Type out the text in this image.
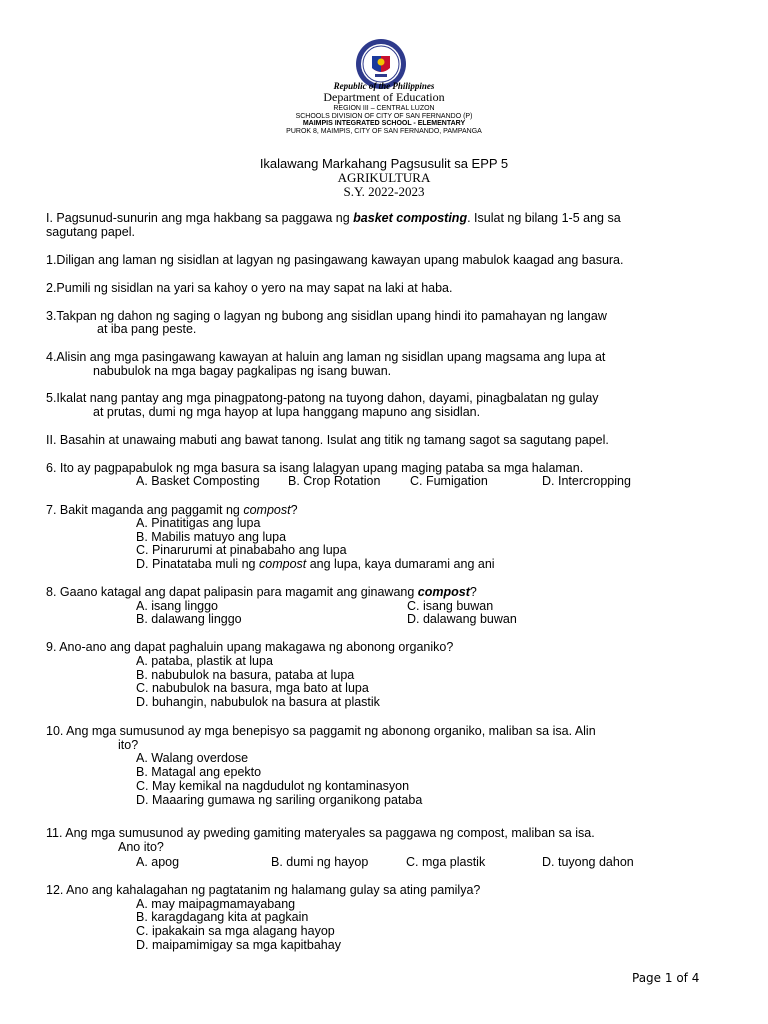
Republic of the Philippines
Department of Education
REGION III – CENTRAL LUZON
SCHOOLS DIVISION OF CITY OF SAN FERNANDO (P)
MAIMPIS INTEGRATED SCHOOL - ELEMENTARY
PUROK 8, MAIMPIS, CITY OF SAN FERNANDO, PAMPANGA
Ikalawang Markahang Pagsusulit sa EPP 5
AGRIKULTURA
S.Y. 2022-2023
I. Pagsunud-sunurin ang mga hakbang sa paggawa ng basket composting. Isulat ng bilang 1-5 ang sa
sagutang papel.
1.Diligan ang laman ng sisidlan at lagyan ng pasingawang kawayan upang mabulok kaagad ang basura.
2.Pumili ng sisidlan na yari sa kahoy o yero na may sapat na laki at haba.
3.Takpan ng dahon ng saging o lagyan ng bubong ang sisidlan upang hindi ito pamahayan ng langaw
at iba pang peste.
4.Alisin ang mga pasingawang kawayan at haluin ang laman ng sisidlan upang magsama ang lupa at
nabubulok na mga bagay pagkalipas ng isang buwan.
5.Ikalat nang pantay ang mga pinagpatong-patong na tuyong dahon, dayami, pinagbalatan ng gulay
at prutas, dumi ng mga hayop at lupa hanggang mapuno ang sisidlan.
II. Basahin at unawaing mabuti ang bawat tanong. Isulat ang titik ng tamang sagot sa sagutang papel.
6. Ito ay pagpapabulok ng mga basura sa isang lalagyan upang maging pataba sa mga halaman.
A. Basket Composting B. Crop Rotation C. Fumigation	D. Intercropping
7. Bakit maganda ang paggamit ng compost?
A. Pinatitigas ang lupa
B. Mabilis matuyo ang lupa
C. Pinarurumi at pinababaho ang lupa
D. Pinatataba muli ng compost ang lupa, kaya dumarami ang ani
8. Gaano katagal ang dapat palipasin para magamit ang ginawang compost?
A. isang linggo	C. isang buwan
B. dalawang linggo	D. dalawang buwan
9. Ano-ano ang dapat paghaluin upang makagawa ng abonong organiko?
A. pataba, plastik at lupa
B. nabubulok na basura, pataba at lupa
C. nabubulok na basura, mga bato at lupa
D. buhangin, nabubulok na basura at plastik
10. Ang mga sumusunod ay mga benepisyo sa paggamit ng abonong organiko, maliban sa isa. Alin
ito?
A. Walang overdose
B. Matagal ang epekto
C. May kemikal na nagdudulot ng kontaminasyon
D. Maaaring gumawa ng sariling organikong pataba
11. Ang mga sumusunod ay pweding gamiting materyales sa paggawa ng compost, maliban sa isa.
Ano ito?
A. apog	B. dumi ng hayop	C. mga plastik	D. tuyong dahon
12. Ano ang kahalagahan ng pagtatanim ng halamang gulay sa ating pamilya?
A. may maipagmamayabang
B. karagdagang kita at pagkain
C. ipakakain sa mga alagang hayop
D. maipamimigay sa mga kapitbahay
Page 1 of 4
